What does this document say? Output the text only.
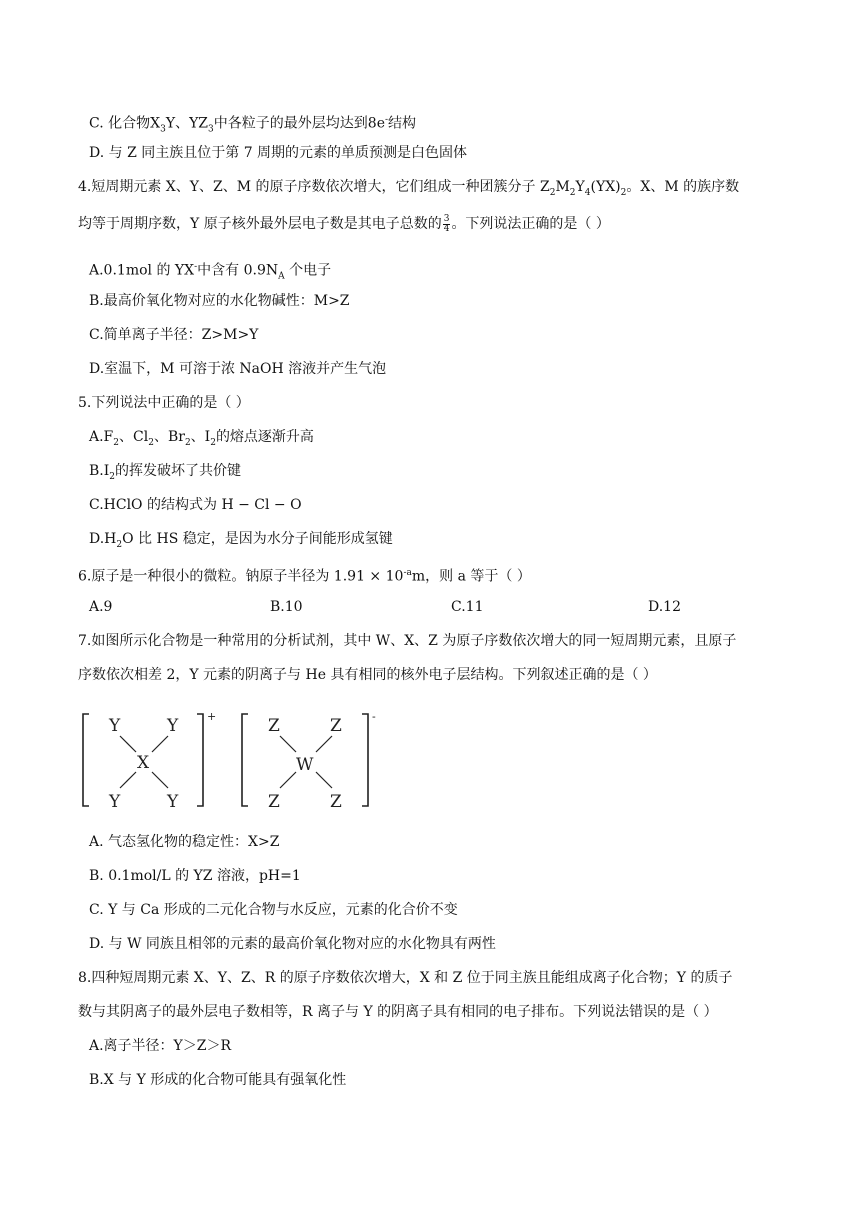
C. 化合物$X_3Y$、$YZ_3$中各粒子的最外层均达到8e-结构
D. 与 Z 同主族且位于第 7 周期的元素的单质预测是白色固体
4.短周期元素 X、Y、Z、M 的原子序数依次增大，它们组成一种团簇分子 $Z_2M_2Y_4(YX)_2$。X、M 的族序数
均等于周期序数，Y 原子核外最外层电子数是其电子总数的 $\frac{3}{4}$ 。下列说法正确的是（ ）
A.0.1mol 的 YX-中含有 $0.9N_A$ 个电子
B.最高价氧化物对应的水化物碱性：M>Z
C.简单离子半径：Z>M>Y
D.室温下，M 可溶于浓 NaOH 溶液并产生气泡
5.下列说法中正确的是（ ）
$A.F_2$、$Cl_2$、$Br_2$、$I_2$的熔点逐渐升高
$B.I_2$的挥发破坏了共价键
C.HClO 的结构式为 H − Cl − O
$D.H_2O$ 比 HS 稳定，是因为水分子间能形成氢键
6.原子是一种很小的微粒。钠原子半径为 $1.91 \times 10^{-a}m$，则 a 等于（ ）
A.9	B.10	C.11	D.12
7.如图所示化合物是一种常用的分析试剂，其中 W、X、Z 为原子序数依次增大的同一短周期元素，且原子
序数依次相差 2，Y 元素的阴离子与 He 具有相同的核外电子层结构。下列叙述正确的是（ ）
Y	Y
X
Y	Y
+	Z	Z
W
Z	Z
-
A. 气态氢化物的稳定性：X>Z
B. 0.1mol/L 的 YZ 溶液，pH=1
C. Y 与 Ca 形成的二元化合物与水反应，元素的化合价不变
D. 与 W 同族且相邻的元素的最高价氧化物对应的水化物具有两性
8.四种短周期元素 X、Y、Z、R 的原子序数依次增大，X 和 Z 位于同主族且能组成离子化合物；Y 的质子
数与其阴离子的最外层电子数相等，R 离子与 Y 的阴离子具有相同的电子排布。下列说法错误的是（ ）
A.离子半径：Y＞Z＞R
B.X 与 Y 形成的化合物可能具有强氧化性
